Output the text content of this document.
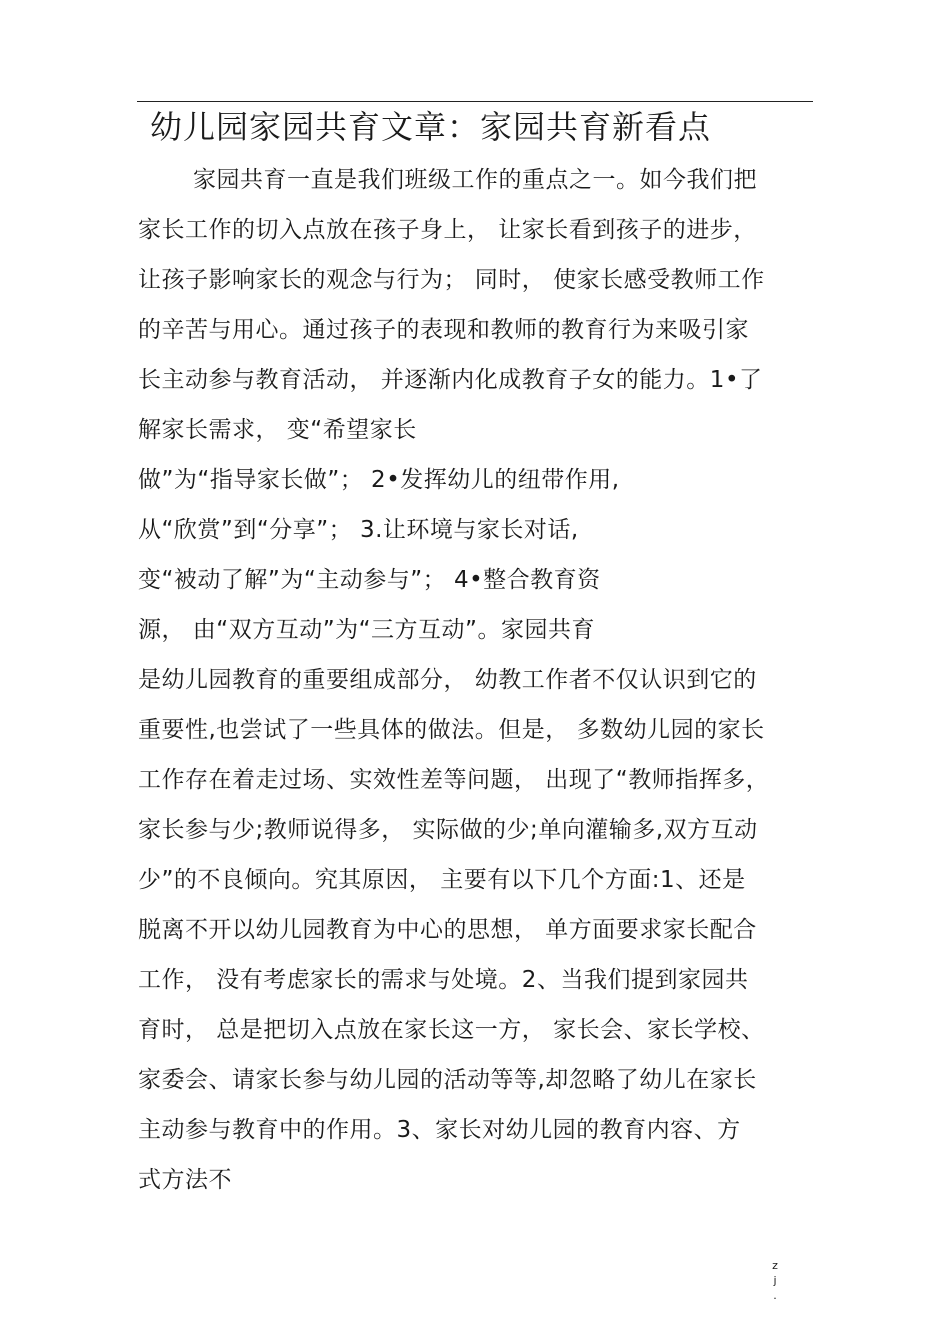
幼儿园家园共育文章：家园共育新看点
家园共育一直是我们班级工作的重点之一。如今我们把
家长工作的切入点放在孩子身上， 让家长看到孩子的进步，
让孩子影响家长的观念与行为； 同时， 使家长感受教师工作
的辛苦与用心。通过孩子的表现和教师的教育行为来吸引家
长主动参与教育活动， 并逐渐内化成教育子女的能力。1•了
解家长需求， 变“希望家长
做”为“指导家长做”； 2•发挥幼儿的纽带作用,
从“欣赏”到“分享”； 3.让环境与家长对话,
变“被动了解”为“主动参与”； 4•整合教育资
源， 由“双方互动”为“三方互动”。家园共育
是幼儿园教育的重要组成部分， 幼教工作者不仅认识到它的
重要性,也尝试了一些具体的做法。但是， 多数幼儿园的家长
工作存在着走过场、实效性差等问题， 出现了“教师指挥多，
家长参与少;教师说得多， 实际做的少;单向灌输多,双方互动
少”的不良倾向。究其原因， 主要有以下几个方面:1、还是
脱离不开以幼儿园教育为中心的思想， 单方面要求家长配合
工作， 没有考虑家长的需求与处境。2、当我们提到家园共
育时， 总是把切入点放在家长这一方， 家长会、家长学校、
家委会、请家长参与幼儿园的活动等等,却忽略了幼儿在家长
主动参与教育中的作用。3、家长对幼儿园的教育内容、方
式方法不
z
j
.
